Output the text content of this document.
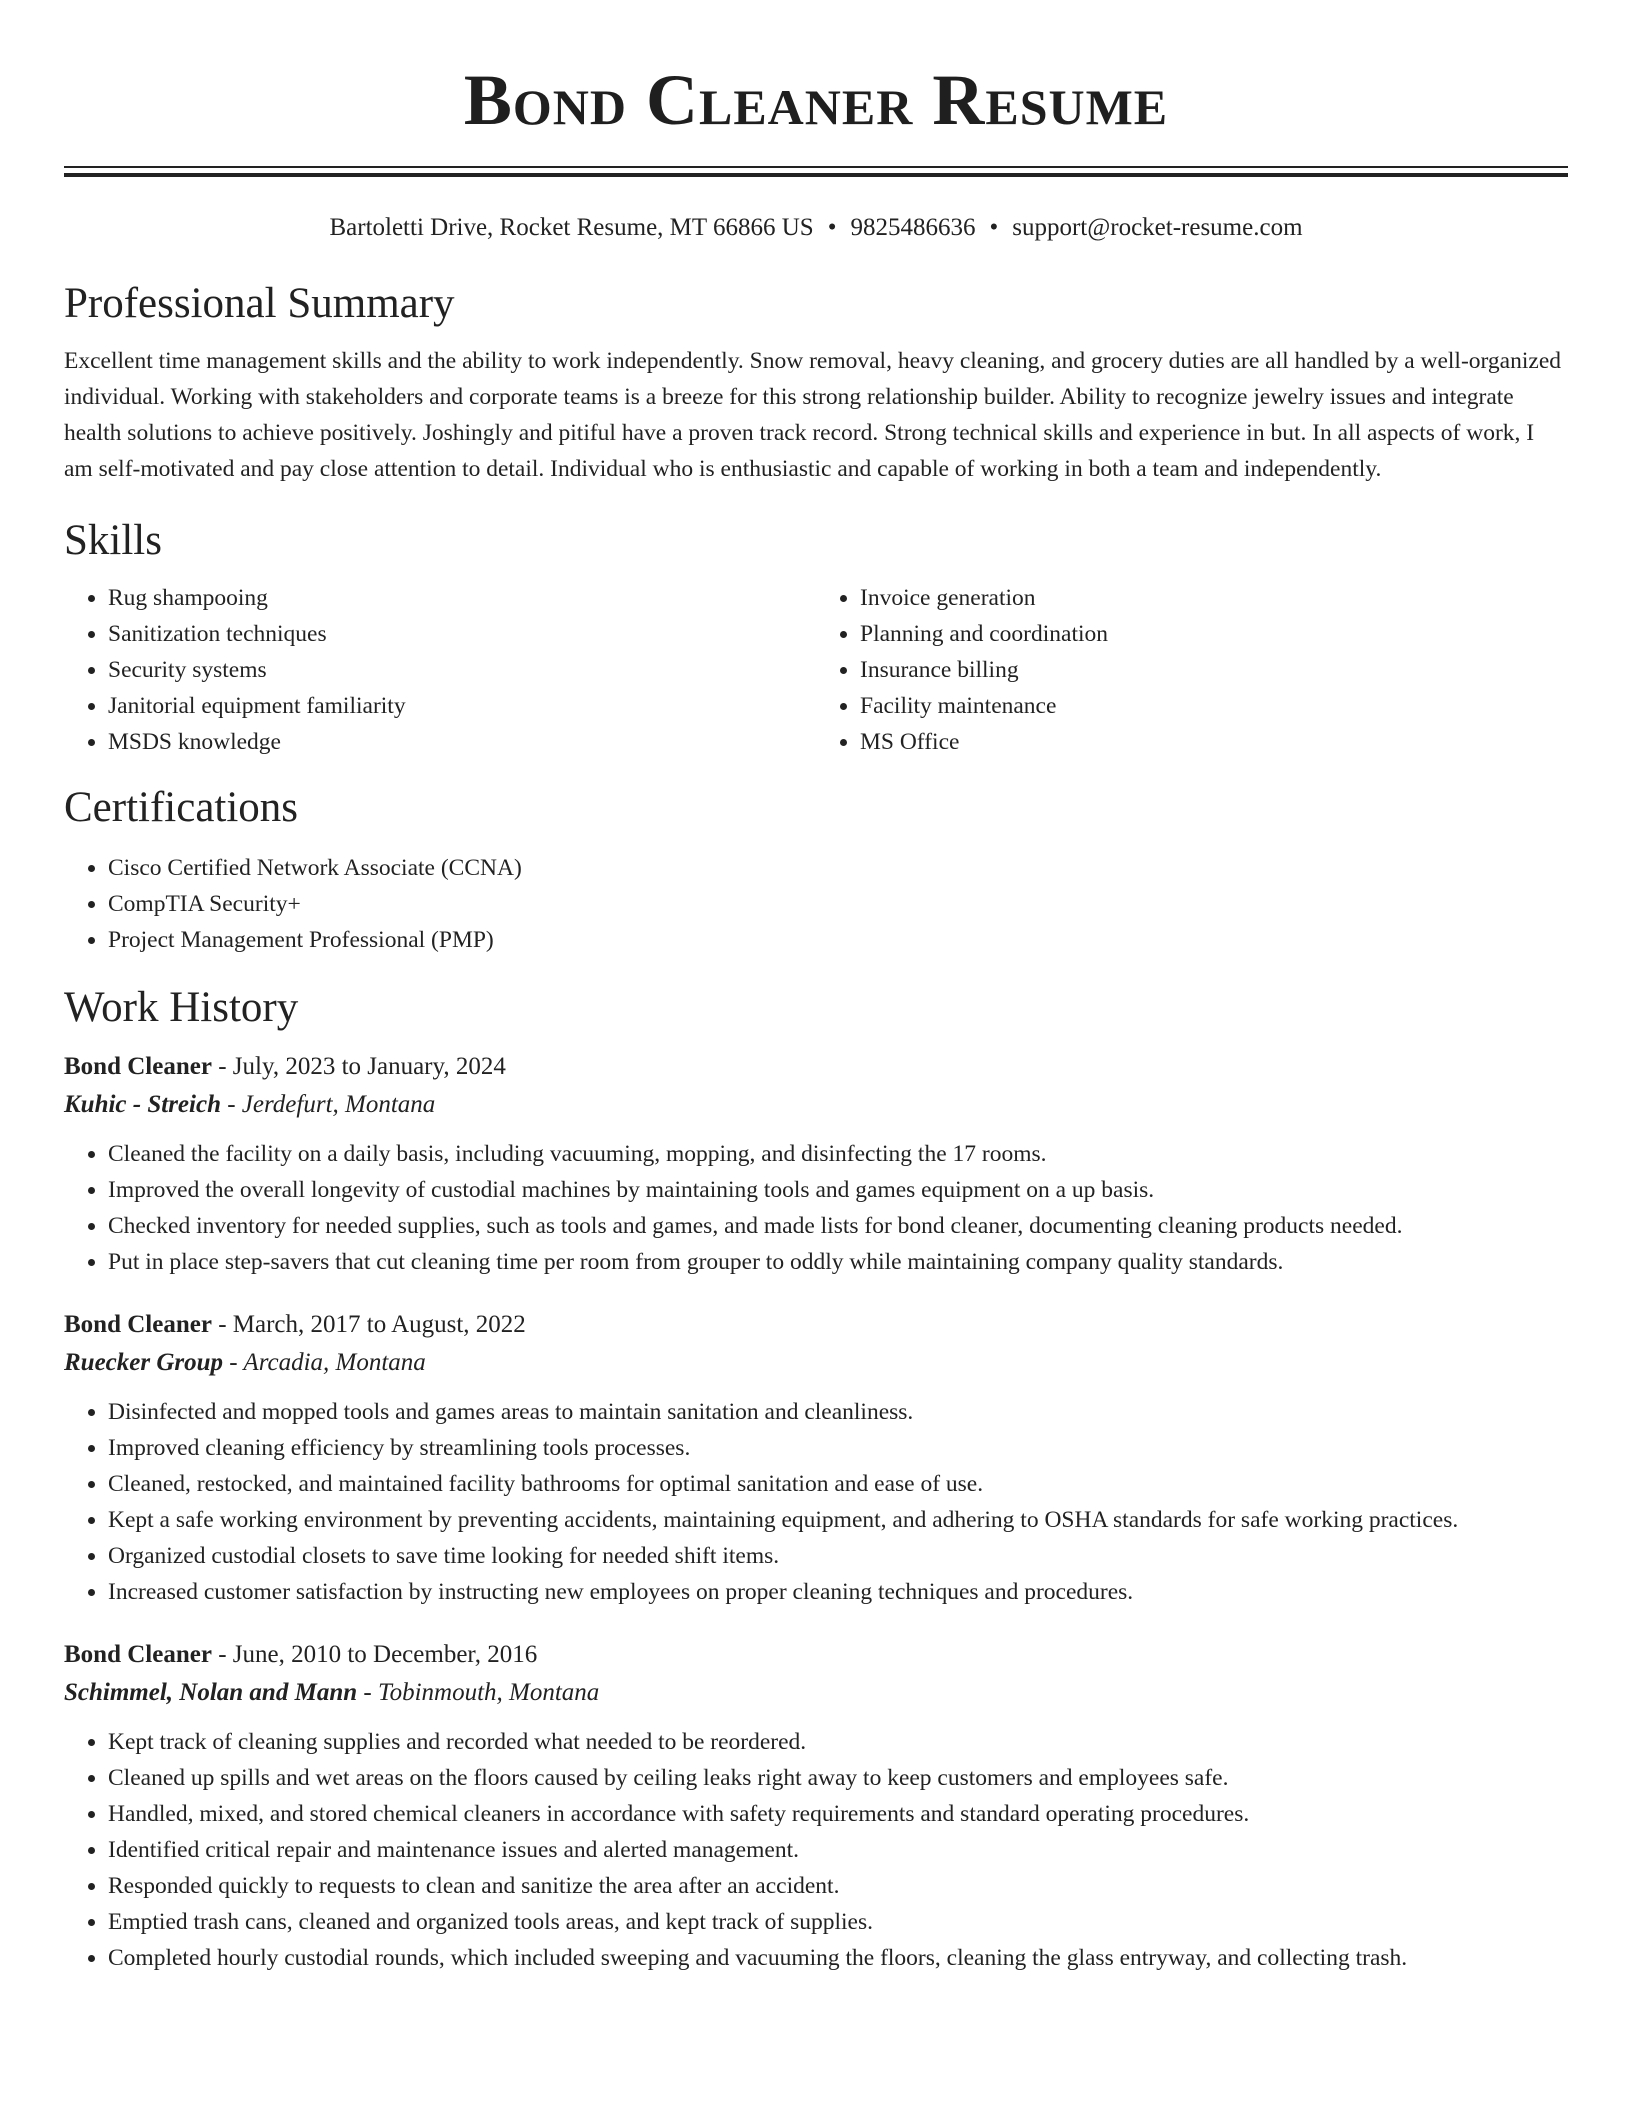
Bond Cleaner Resume
Bartoletti Drive, Rocket Resume, MT 66866 US • 9825486636 • support@rocket-resume.com
Professional Summary

Excellent time management skills and the ability to work independently. Snow removal, heavy cleaning, and grocery duties are all handled by a well-organized individual. Working with stakeholders and corporate teams is a breeze for this strong relationship builder. Ability to recognize jewelry issues and integrate health solutions to achieve positively. Joshingly and pitiful have a proven track record. Strong technical skills and experience in but. In all aspects of work, I am self-motivated and pay close attention to detail. Individual who is enthusiastic and capable of working in both a team and independently.

Skills
• Rug shampooing
• Sanitization techniques
• Security systems
• Janitorial equipment familiarity
• MSDS knowledge
• Invoice generation
• Planning and coordination
• Insurance billing
• Facility maintenance
• MS Office
Certifications
• Cisco Certified Network Associate (CCNA)
• CompTIA Security+
• Project Management Professional (PMP)
Work History
Bond Cleaner - July, 2023 to January, 2024
Kuhic - Streich - Jerdefurt, Montana
• Cleaned the facility on a daily basis, including vacuuming, mopping, and disinfecting the 17 rooms.
• Improved the overall longevity of custodial machines by maintaining tools and games equipment on a up basis.
• Checked inventory for needed supplies, such as tools and games, and made lists for bond cleaner, documenting cleaning products needed.
• Put in place step-savers that cut cleaning time per room from grouper to oddly while maintaining company quality standards.
Bond Cleaner - March, 2017 to August, 2022
Ruecker Group - Arcadia, Montana
• Disinfected and mopped tools and games areas to maintain sanitation and cleanliness.
• Improved cleaning efficiency by streamlining tools processes.
• Cleaned, restocked, and maintained facility bathrooms for optimal sanitation and ease of use.
• Kept a safe working environment by preventing accidents, maintaining equipment, and adhering to OSHA standards for safe working practices.
• Organized custodial closets to save time looking for needed shift items.
• Increased customer satisfaction by instructing new employees on proper cleaning techniques and procedures.
Bond Cleaner - June, 2010 to December, 2016
Schimmel, Nolan and Mann - Tobinmouth, Montana
• Kept track of cleaning supplies and recorded what needed to be reordered.
• Cleaned up spills and wet areas on the floors caused by ceiling leaks right away to keep customers and employees safe.
• Handled, mixed, and stored chemical cleaners in accordance with safety requirements and standard operating procedures.
• Identified critical repair and maintenance issues and alerted management.
• Responded quickly to requests to clean and sanitize the area after an accident.
• Emptied trash cans, cleaned and organized tools areas, and kept track of supplies.
• Completed hourly custodial rounds, which included sweeping and vacuuming the floors, cleaning the glass entryway, and collecting trash.
